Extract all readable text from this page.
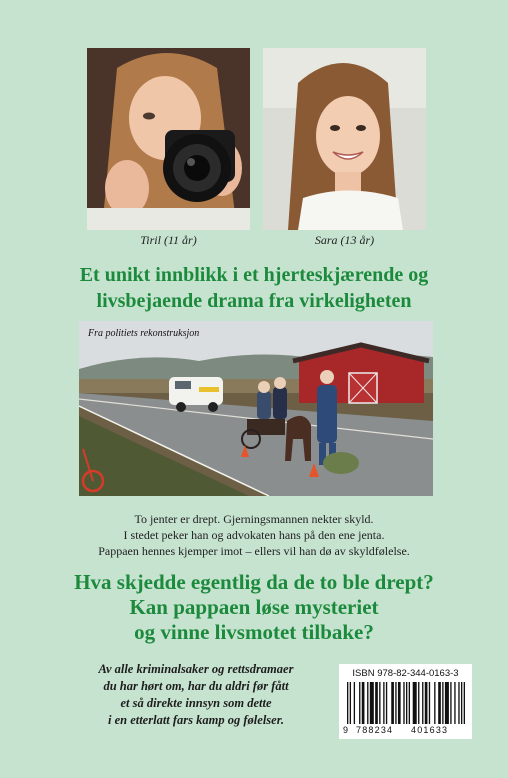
Tiril (11 år)	Sara (13 år)
Et unikt innblikk i et hjerteskjærende og
livsbejaende drama fra virkeligheten
Fra politiets rekonstruksjon
To jenter er drept. Gjerningsmannen nekter skyld.
I stedet peker han og advokaten hans på den ene jenta.
Pappaen hennes kjemper imot – ellers vil han dø av skyldfølelse.
Hva skjedde egentlig da de to ble drept?
Kan pappaen løse mysteriet
og vinne livsmotet tilbake?
Av alle kriminalsaker og rettsdramaer
du har hørt om, har du aldri før fått
et så direkte innsyn som dette
i en etterlatt fars kamp og følelser.
ISBN 978-82-344-0163-3
9 788234 401633
